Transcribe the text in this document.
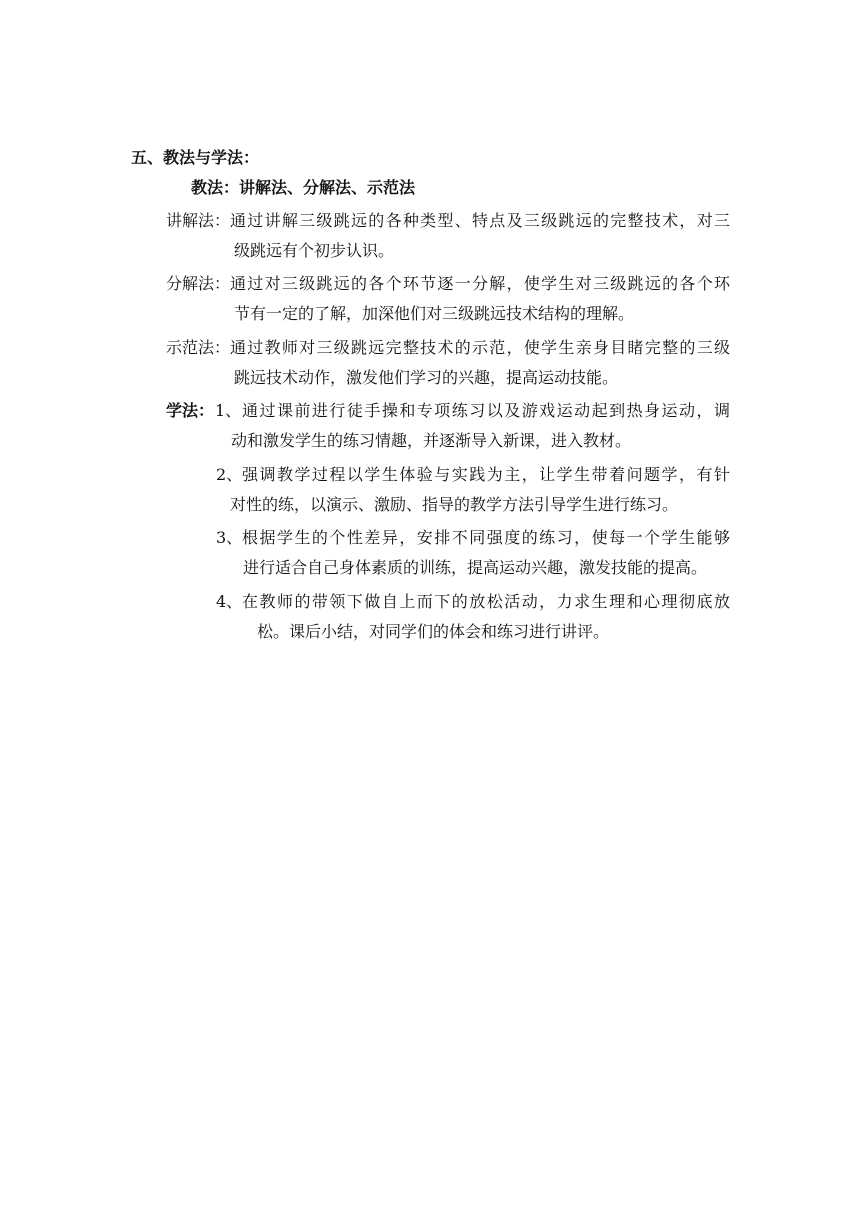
五、教法与学法：
教法：讲解法、分解法、示范法
讲解法： 通过讲解三级跳远的各种类型、特点及三级跳远的完整技术，对三
级跳远有个初步认识。
分解法： 通过对三级跳远的各个环节逐一分解，使学生对三级跳远的各个环
节有一定的了解，加深他们对三级跳远技术结构的理解。
示范法： 通过教师对三级跳远完整技术的示范，使学生亲身目睹完整的三级
跳远技术动作，激发他们学习的兴趣，提高运动技能。
学法： 1、 通过课前进行徒手操和专项练习以及游戏运动起到热身运动，调
动和激发学生的练习情趣，并逐渐导入新课，进入教材。
2、 强调教学过程以学生体验与实践为主，让学生带着问题学，有针
对性的练，以演示、激励、指导的教学方法引导学生进行练习。
3、 根据学生的个性差异，安排不同强度的练习，使每一个学生能够
进行适合自己身体素质的训练，提高运动兴趣，激发技能的提高。
4、 在教师的带领下做自上而下的放松活动，力求生理和心理彻底放
松。课后小结，对同学们的体会和练习进行讲评。
